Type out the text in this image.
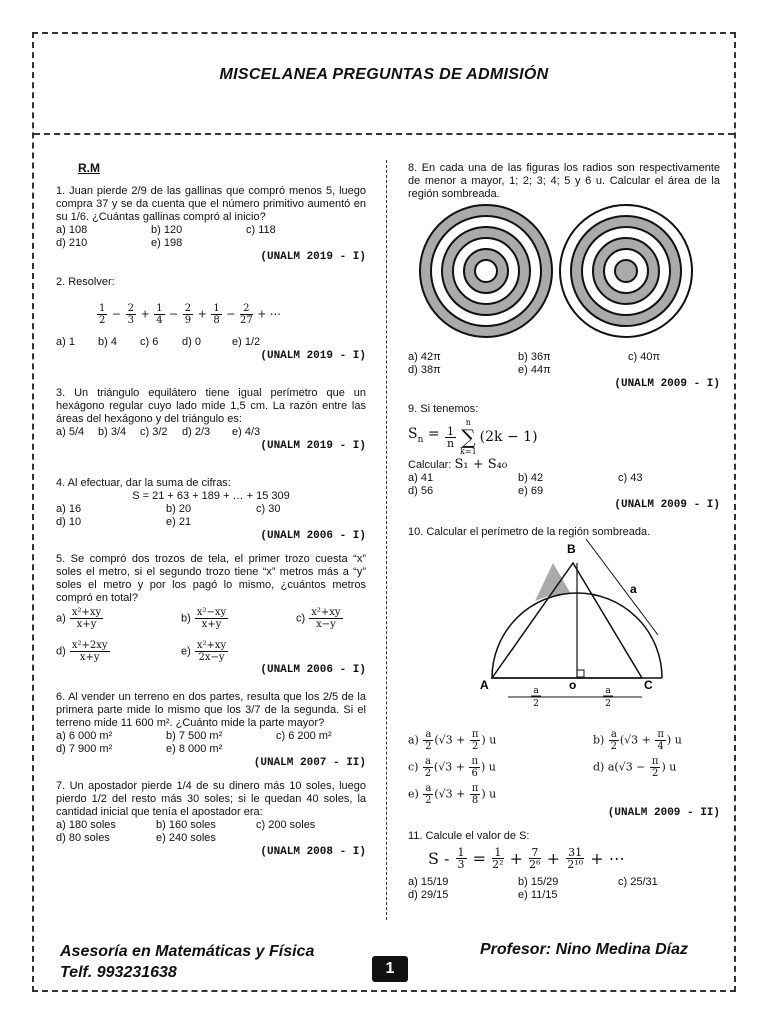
MISCELANEA PREGUNTAS DE ADMISIÓN
R.M

1. Juan pierde 2/9 de las gallinas que compró menos 5, luego compra 37 y se da cuenta que el número primitivo aumentó en su 1/6. ¿Cuántas gallinas compró al inicio?

a) 108	b) 120	c) 118
d) 210	e) 198
(UNALM 2019 - I)

2. Resolver:

$\frac{1}{2} - \frac{2}{3} + \frac{1}{4} - \frac{2}{9} + \frac{1}{8} - \frac{2}{27}$ + ⋯
a) 1	b) 4	c) 6	d) 0	e) 1/2
(UNALM 2019 - I)

3. Un triángulo equilátero tiene igual perímetro que un hexágono regular cuyo lado mide 1,5 cm. La razón entre las áreas del hexágono y del triángulo es:

a) 5/4	b) 3/4	c) 3/2	d) 2/3	e) 4/3
(UNALM 2019 - I)

4. Al efectuar, dar la suma de cifras:

S = 21 + 63 + 189 + … + 15 309

a) 16	b) 20	c) 30
d) 10	e) 21
(UNALM 2006 - I)

5. Se compró dos trozos de tela, el primer trozo cuesta “x” soles el metro, si el segundo trozo tiene “x” metros más a “y” soles el metro y por los pagó lo mismo, ¿cuántos metros compró en total?

$a) \frac{\text{x²+xy}}{x+y}$	$b) \frac{\text{x²−xy}}{x+y}$	$c) \frac{\text{x²+xy}}{x-y}$
$d) \frac{\text{x²+2xy}}{x+y}$	$e) \frac{\text{x²+xy}}{2x-y}$
(UNALM 2006 - I)

6. Al vender un terreno en dos partes, resulta que los 2/5 de la primera parte mide lo mismo que los 3/7 de la segunda. Si el terreno mide 11 600 m². ¿Cuánto mide la parte mayor?

a) 6 000 m²	b) 7 500 m²	c) 6 200 m²
d) 7 900 m²	e) 8 000 m²
(UNALM 2007 - II)

7. Un apostador pierde 1/4 de su dinero más 10 soles, luego pierdo 1/2 del resto más 30 soles; si le quedan 40 soles, la cantidad inicial que tenía el apostador era:

a) 180 soles	b) 160 soles	c) 200 soles
d) 80 soles	e) 240 soles
(UNALM 2008 - I)

8. En cada una de las figuras los radios son respectivamente de menor a mayor, 1; 2; 3; 4; 5 y 6 u. Calcular el área de la región sombreada.

a) 42π	b) 36π	c) 40π
d) 38π	e) 44π
(UNALM 2009 - I)

9. Si tenemos:

$S_n = \frac{1}{n}$
n
∑
k=1
(2k − 1)

Calcular: S₁ + S₄₀

a) 41	b) 42	c) 43
d) 56	e) 69
(UNALM 2009 - I)

10. Calcular el perímetro de la región sombreada.

B
A	o	C
a
a
2
a
2
$a) \frac{a}{2} (√3 + \frac{\pi}{2}$ ) u	$b) \frac{a}{2} (√3 + \frac{\pi}{4}$ ) u
$c) \frac{a}{2} (√3 + \frac{\pi}{6}$ ) u	d) $a(√3 - \frac{\pi}{2}$ ) u
$e) \frac{a}{2} (√3 + \frac{\pi}{8}$ ) u
(UNALM 2009 - II)

11. Calcule el valor de S:

$S - \frac{1}{3} = \frac{1}{\text{2²}} + \frac{7}{\text{2⁶}} + \frac{31}{\text{2¹⁰}}$ + ⋯
a) 15/19	b) 15/29	c) 25/31
d) 29/15	e) 11/15
Asesoría en Matemáticas y Física
Telf. 993231638
Profesor: Nino Medina Díaz
1
